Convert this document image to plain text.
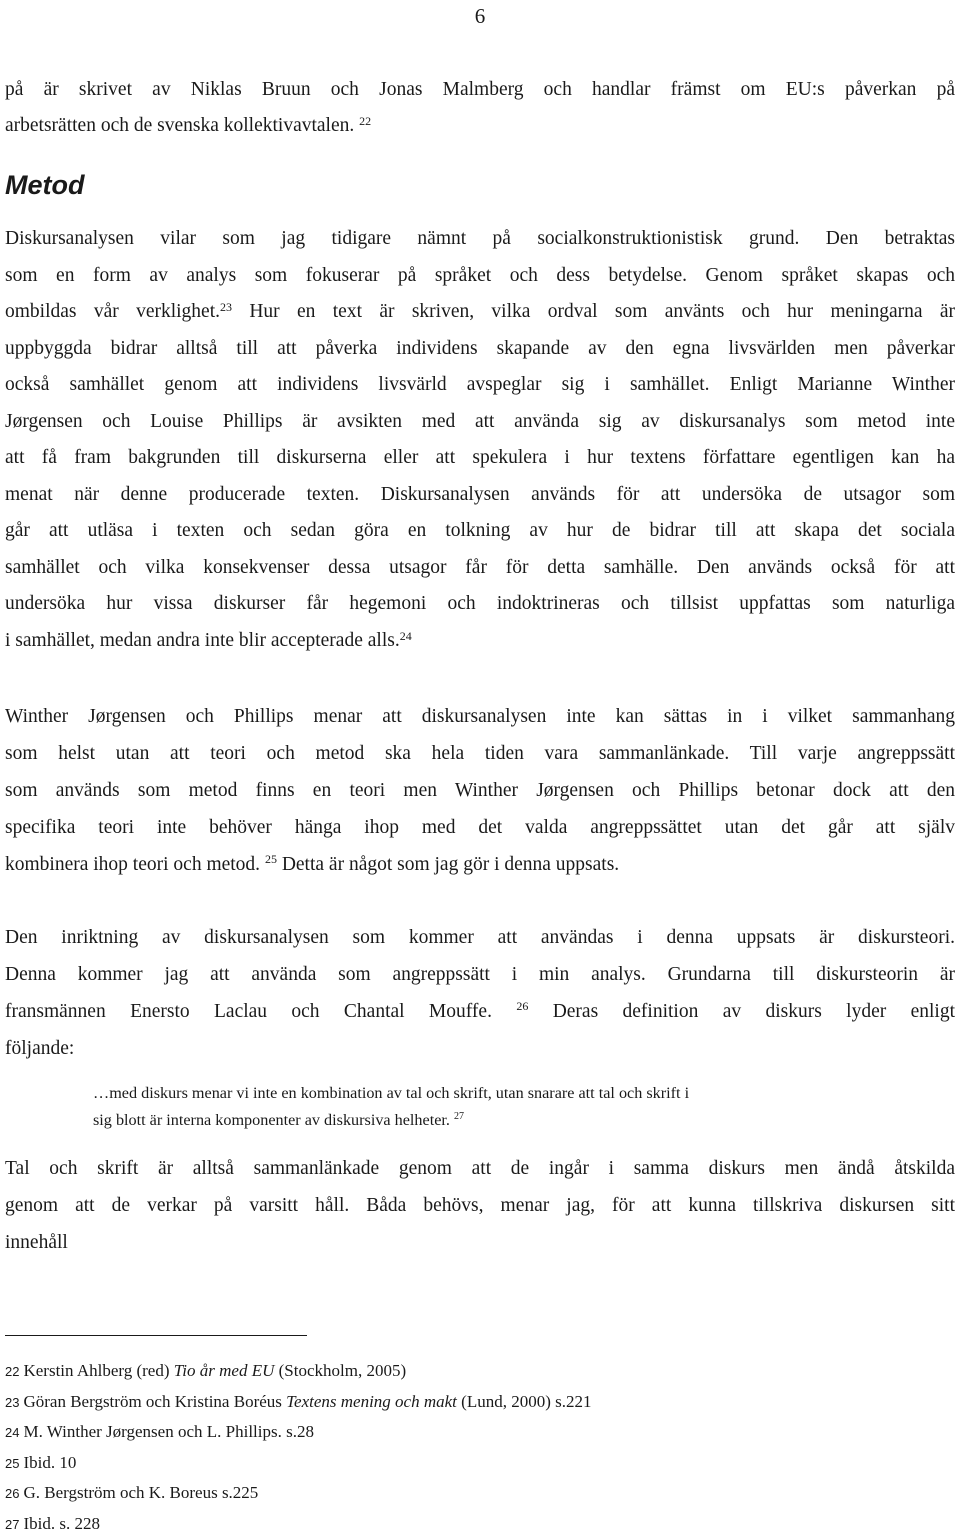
6
på är skrivet av Niklas Bruun och Jonas Malmberg och handlar främst om EU:s påverkan på
arbetsrätten och de svenska kollektivavtalen. $^{22}$
Metod
Diskursanalysen vilar som jag tidigare nämnt på socialkonstruktionistisk grund. Den betraktas
som en form av analys som fokuserar på språket och dess betydelse. Genom språket skapas och
ombildas vår verklighet.$^{23}$ Hur en text är skriven, vilka ordval som använts och hur meningarna är
uppbyggda bidrar alltså till att påverka individens skapande av den egna livsvärlden men påverkar
också samhället genom att individens livsvärld avspeglar sig i samhället. Enligt Marianne Winther
Jørgensen och Louise Phillips är avsikten med att använda sig av diskursanalys som metod inte
att få fram bakgrunden till diskurserna eller att spekulera i hur textens författare egentligen kan ha
menat när denne producerade texten. Diskursanalysen används för att undersöka de utsagor som
går att utläsa i texten och sedan göra en tolkning av hur de bidrar till att skapa det sociala
samhället och vilka konsekvenser dessa utsagor får för detta samhälle. Den används också för att
undersöka hur vissa diskurser får hegemoni och indoktrineras och tillsist uppfattas som naturliga
i samhället, medan andra inte blir accepterade alls.$^{24}$
Winther Jørgensen och Phillips menar att diskursanalysen inte kan sättas in i vilket sammanhang
som helst utan att teori och metod ska hela tiden vara sammanlänkade. Till varje angreppssätt
som används som metod finns en teori men Winther Jørgensen och Phillips betonar dock att den
specifika teori inte behöver hänga ihop med det valda angreppssättet utan det går att själv
kombinera ihop teori och metod. $^{25}$ Detta är något som jag gör i denna uppsats.
Den inriktning av diskursanalysen som kommer att användas i denna uppsats är diskursteori.
Denna kommer jag att använda som angreppssätt i min analys. Grundarna till diskursteorin är
fransmännen Enersto Laclau och Chantal Mouffe. $^{26}$ Deras definition av diskurs lyder enligt
följande:
…med diskurs menar vi inte en kombination av tal och skrift, utan snarare att tal och skrift i
sig blott är interna komponenter av diskursiva helheter. $^{27}$
Tal och skrift är alltså sammanlänkade genom att de ingår i samma diskurs men ändå åtskilda
genom att de verkar på varsitt håll. Båda behövs, menar jag, för att kunna tillskriva diskursen sitt
innehåll
22 Kerstin Ahlberg (red) Tio år med EU (Stockholm, 2005)
23 Göran Bergström och Kristina Boréus Textens mening och makt (Lund, 2000) s.221
24 M. Winther Jørgensen och L. Phillips. s.28
25 Ibid. 10
26 G. Bergström och K. Boreus s.225
27 Ibid. s. 228
